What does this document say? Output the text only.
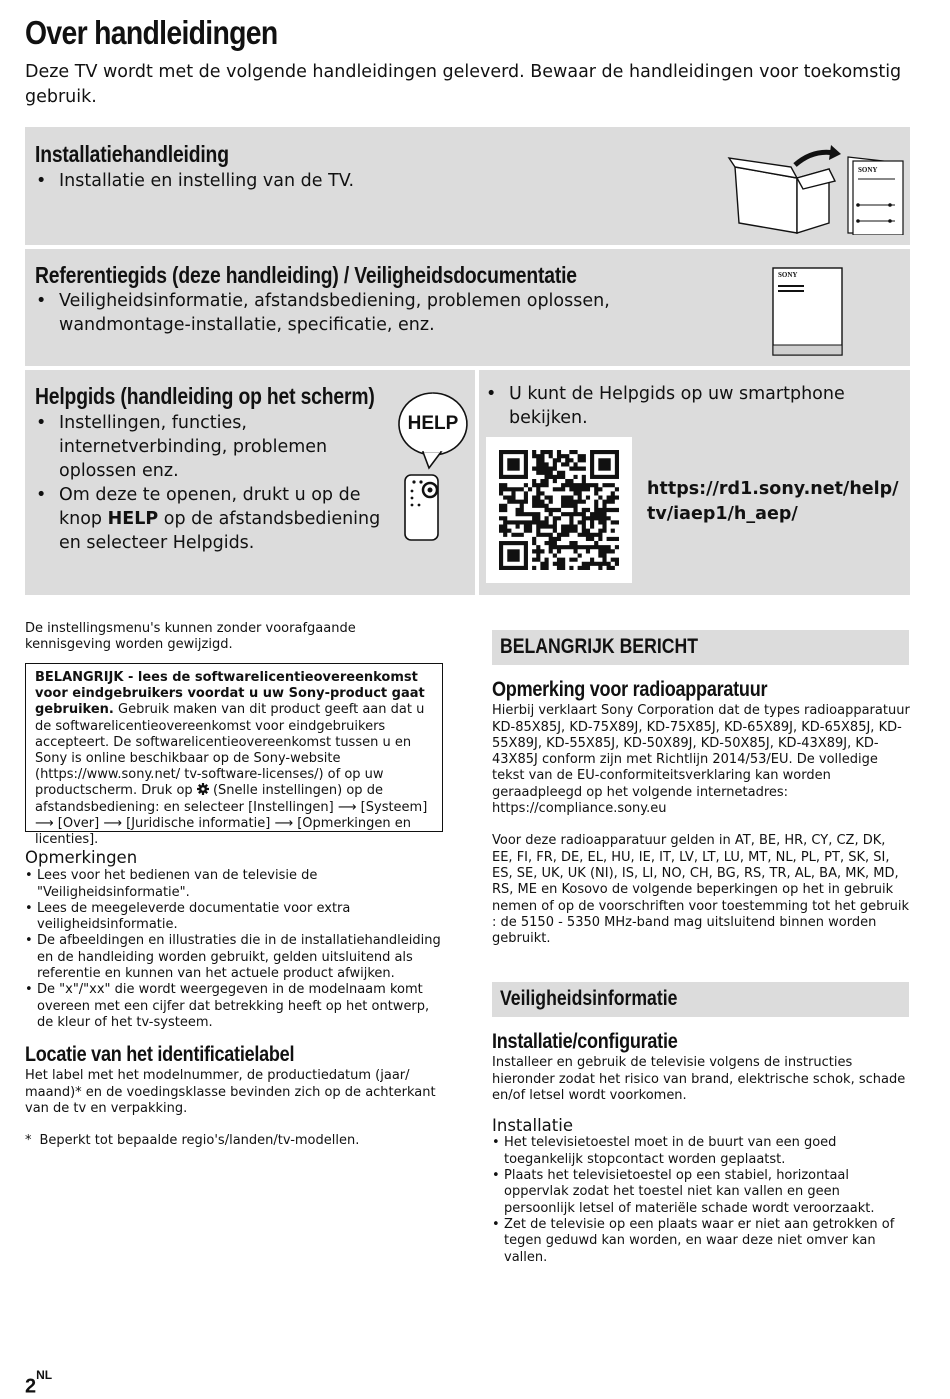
Over handleidingen

Deze TV wordt met de volgende handleidingen geleverd. Bewaar de handleidingen voor toekomstig gebruik.

Installatiehandleiding
• Installatie en instelling van de TV.
SONY
Referentiegids (deze handleiding) / Veiligheidsdocumentatie
• Veiligheidsinformatie, afstandsbediening, problemen oplossen, wandmontage-installatie, specificatie, enz.
SONY
Helpgids (handleiding op het scherm)
• Instellingen, functies, internetverbinding, problemen oplossen enz.
• Om deze te openen, drukt u op de knop HELP op de afstandsbediening en selecteer Helpgids.
HELP
• U kunt de Helpgids op uw smartphone bekijken.
https://rd1.sony.net/help/
tv/iaep1/h_aep/

De instellingsmenu's kunnen zonder voorafgaande kennisgeving worden gewijzigd.

BELANGRIJK - lees de softwarelicentieovereenkomst voor eindgebruikers voordat u uw Sony-product gaat gebruiken. Gebruik maken van dit product geeft aan dat u de softwarelicentieovereenkomst voor eindgebruikers accepteert. De softwarelicentieovereenkomst tussen u en Sony is online beschikbaar op de Sony-website (https://www.sony.net/ tv-software-licenses/) of op uw productscherm. Druk op (Snelle instellingen) op de afstandsbediening: en selecteer [Instellingen] ⟶ [Systeem] ⟶ [Over] ⟶ [Juridische informatie] ⟶ [Opmerkingen en licenties].

Opmerkingen

• Lees voor het bedienen van de televisie de "Veiligheidsinformatie".
• Lees de meegeleverde documentatie voor extra veiligheidsinformatie.
• De afbeeldingen en illustraties die in de installatiehandleiding en de handleiding worden gebruikt, gelden uitsluitend als referentie en kunnen van het actuele product afwijken.
• De "x"/"xx" die wordt weergegeven in de modelnaam komt overeen met een cijfer dat betrekking heeft op het ontwerp, de kleur of het tv-systeem.

Locatie van het identificatielabel

Het label met het modelnummer, de productiedatum (jaar/ maand)* en de voedingsklasse bevinden zich op de achterkant van de tv en verpakking.

* Beperkt tot bepaalde regio's/landen/tv-modellen.

BELANGRIJK BERICHT

Opmerking voor radioapparatuur

Hierbij verklaart Sony Corporation dat de types radioapparatuur KD-85X85J, KD-75X89J, KD-75X85J, KD-65X89J, KD-65X85J, KD-55X89J, KD-55X85J, KD-50X89J, KD-50X85J, KD-43X89J, KD-43X85J conform zijn met Richtlijn 2014/53/EU. De volledige tekst van de EU-conformiteitsverklaring kan worden geraadpleegd op het volgende internetadres: https://compliance.sony.eu

Voor deze radioapparatuur gelden in AT, BE, HR, CY, CZ, DK, EE, FI, FR, DE, EL, HU, IE, IT, LV, LT, LU, MT, NL, PL, PT, SK, SI, ES, SE, UK, UK (NI), IS, LI, NO, CH, BG, RS, TR, AL, BA, MK, MD, RS, ME en Kosovo de volgende beperkingen op het in gebruik nemen of op de voorschriften voor toestemming tot het gebruik : de 5150 - 5350 MHz-band mag uitsluitend binnen worden gebruikt.

Veiligheidsinformatie

Installatie/configuratie

Installeer en gebruik de televisie volgens de instructies hieronder zodat het risico van brand, elektrische schok, schade en/of letsel wordt voorkomen.

Installatie

• Het televisietoestel moet in de buurt van een goed toegankelijk stopcontact worden geplaatst.
• Plaats het televisietoestel op een stabiel, horizontaal oppervlak zodat het toestel niet kan vallen en geen persoonlijk letsel of materiële schade wordt veroorzaakt.
• Zet de televisie op een plaats waar er niet aan getrokken of tegen geduwd kan worden, en waar deze niet omver kan vallen.
$2^{NL}$
